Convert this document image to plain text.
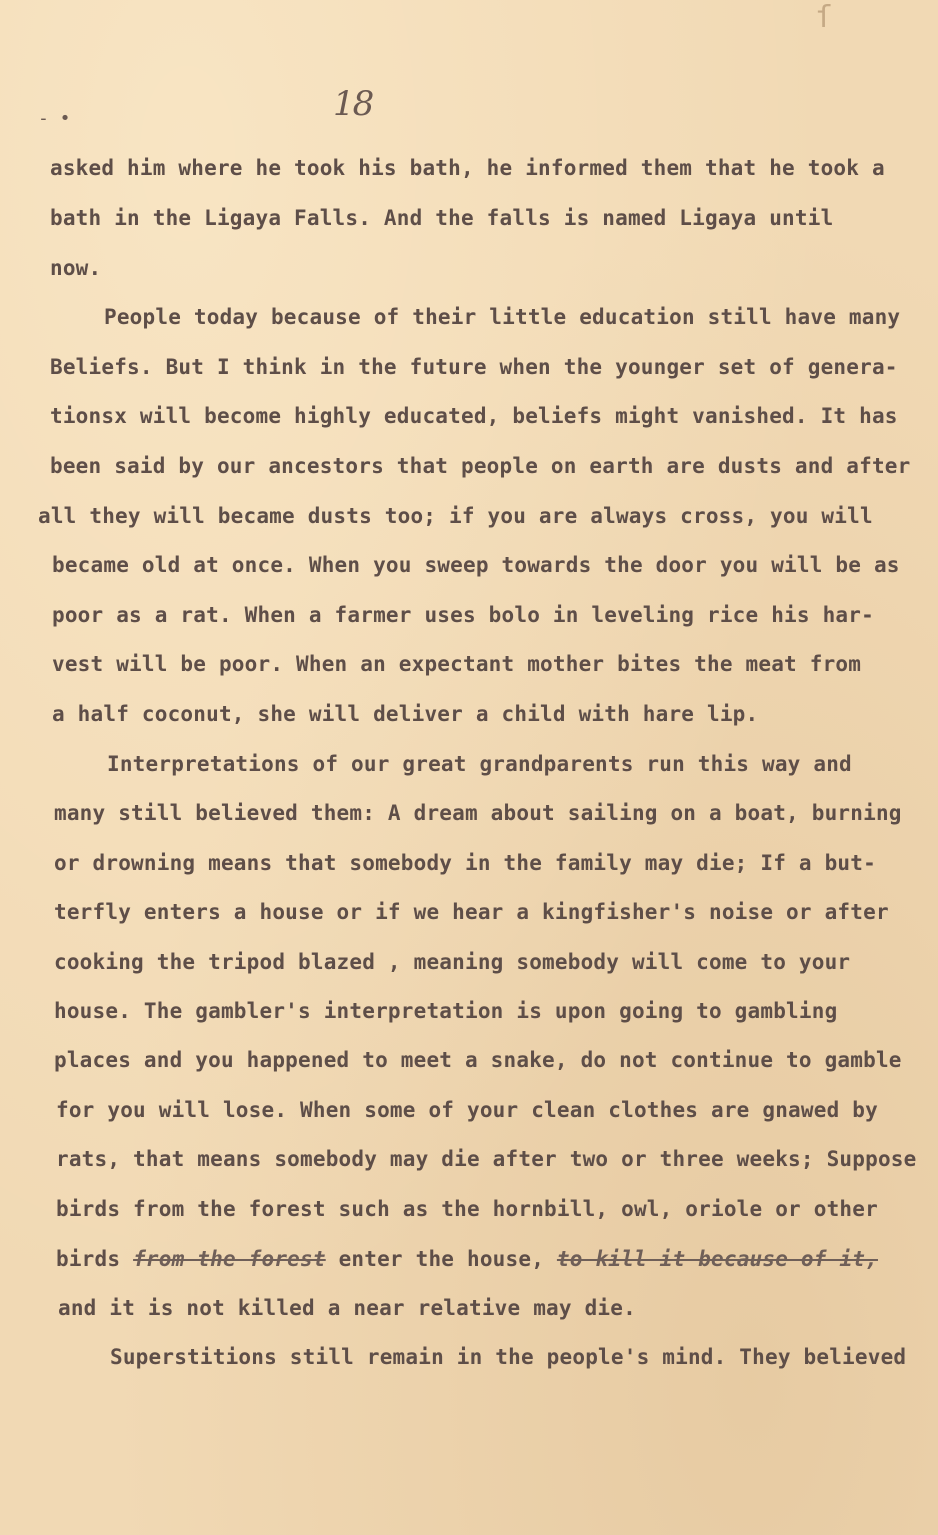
ſ
- •	18
asked him where he took his bath, he informed them that he took a
bath in the Ligaya Falls. And the falls is named Ligaya until
now.
People today because of their little education still have many
Beliefs. But I think in the future when the younger set of genera-
tionsx will become highly educated, beliefs might vanished. It has
been said by our ancestors that people on earth are dusts and after
all they will became dusts too; if you are always cross, you will
became old at once. When you sweep towards the door you will be as
poor as a rat. When a farmer uses bolo in leveling rice his har-
vest will be poor. When an expectant mother bites the meat from
a half coconut, she will deliver a child with hare lip.
Interpretations of our great grandparents run this way and
many still believed them: A dream about sailing on a boat, burning
or drowning means that somebody in the family may die; If a but-
terfly enters a house or if we hear a kingfisher's noise or after
cooking the tripod blazed , meaning somebody will come to your
house. The gambler's interpretation is upon going to gambling
places and you happened to meet a snake, do not continue to gamble
for you will lose. When some of your clean clothes are gnawed by
rats, that means somebody may die after two or three weeks; Suppose
birds from the forest such as the hornbill, owl, oriole or other
birds from the forest enter the house, to kill it because of it,
and it is not killed a near relative may die.
Superstitions still remain in the people's mind. They believed
